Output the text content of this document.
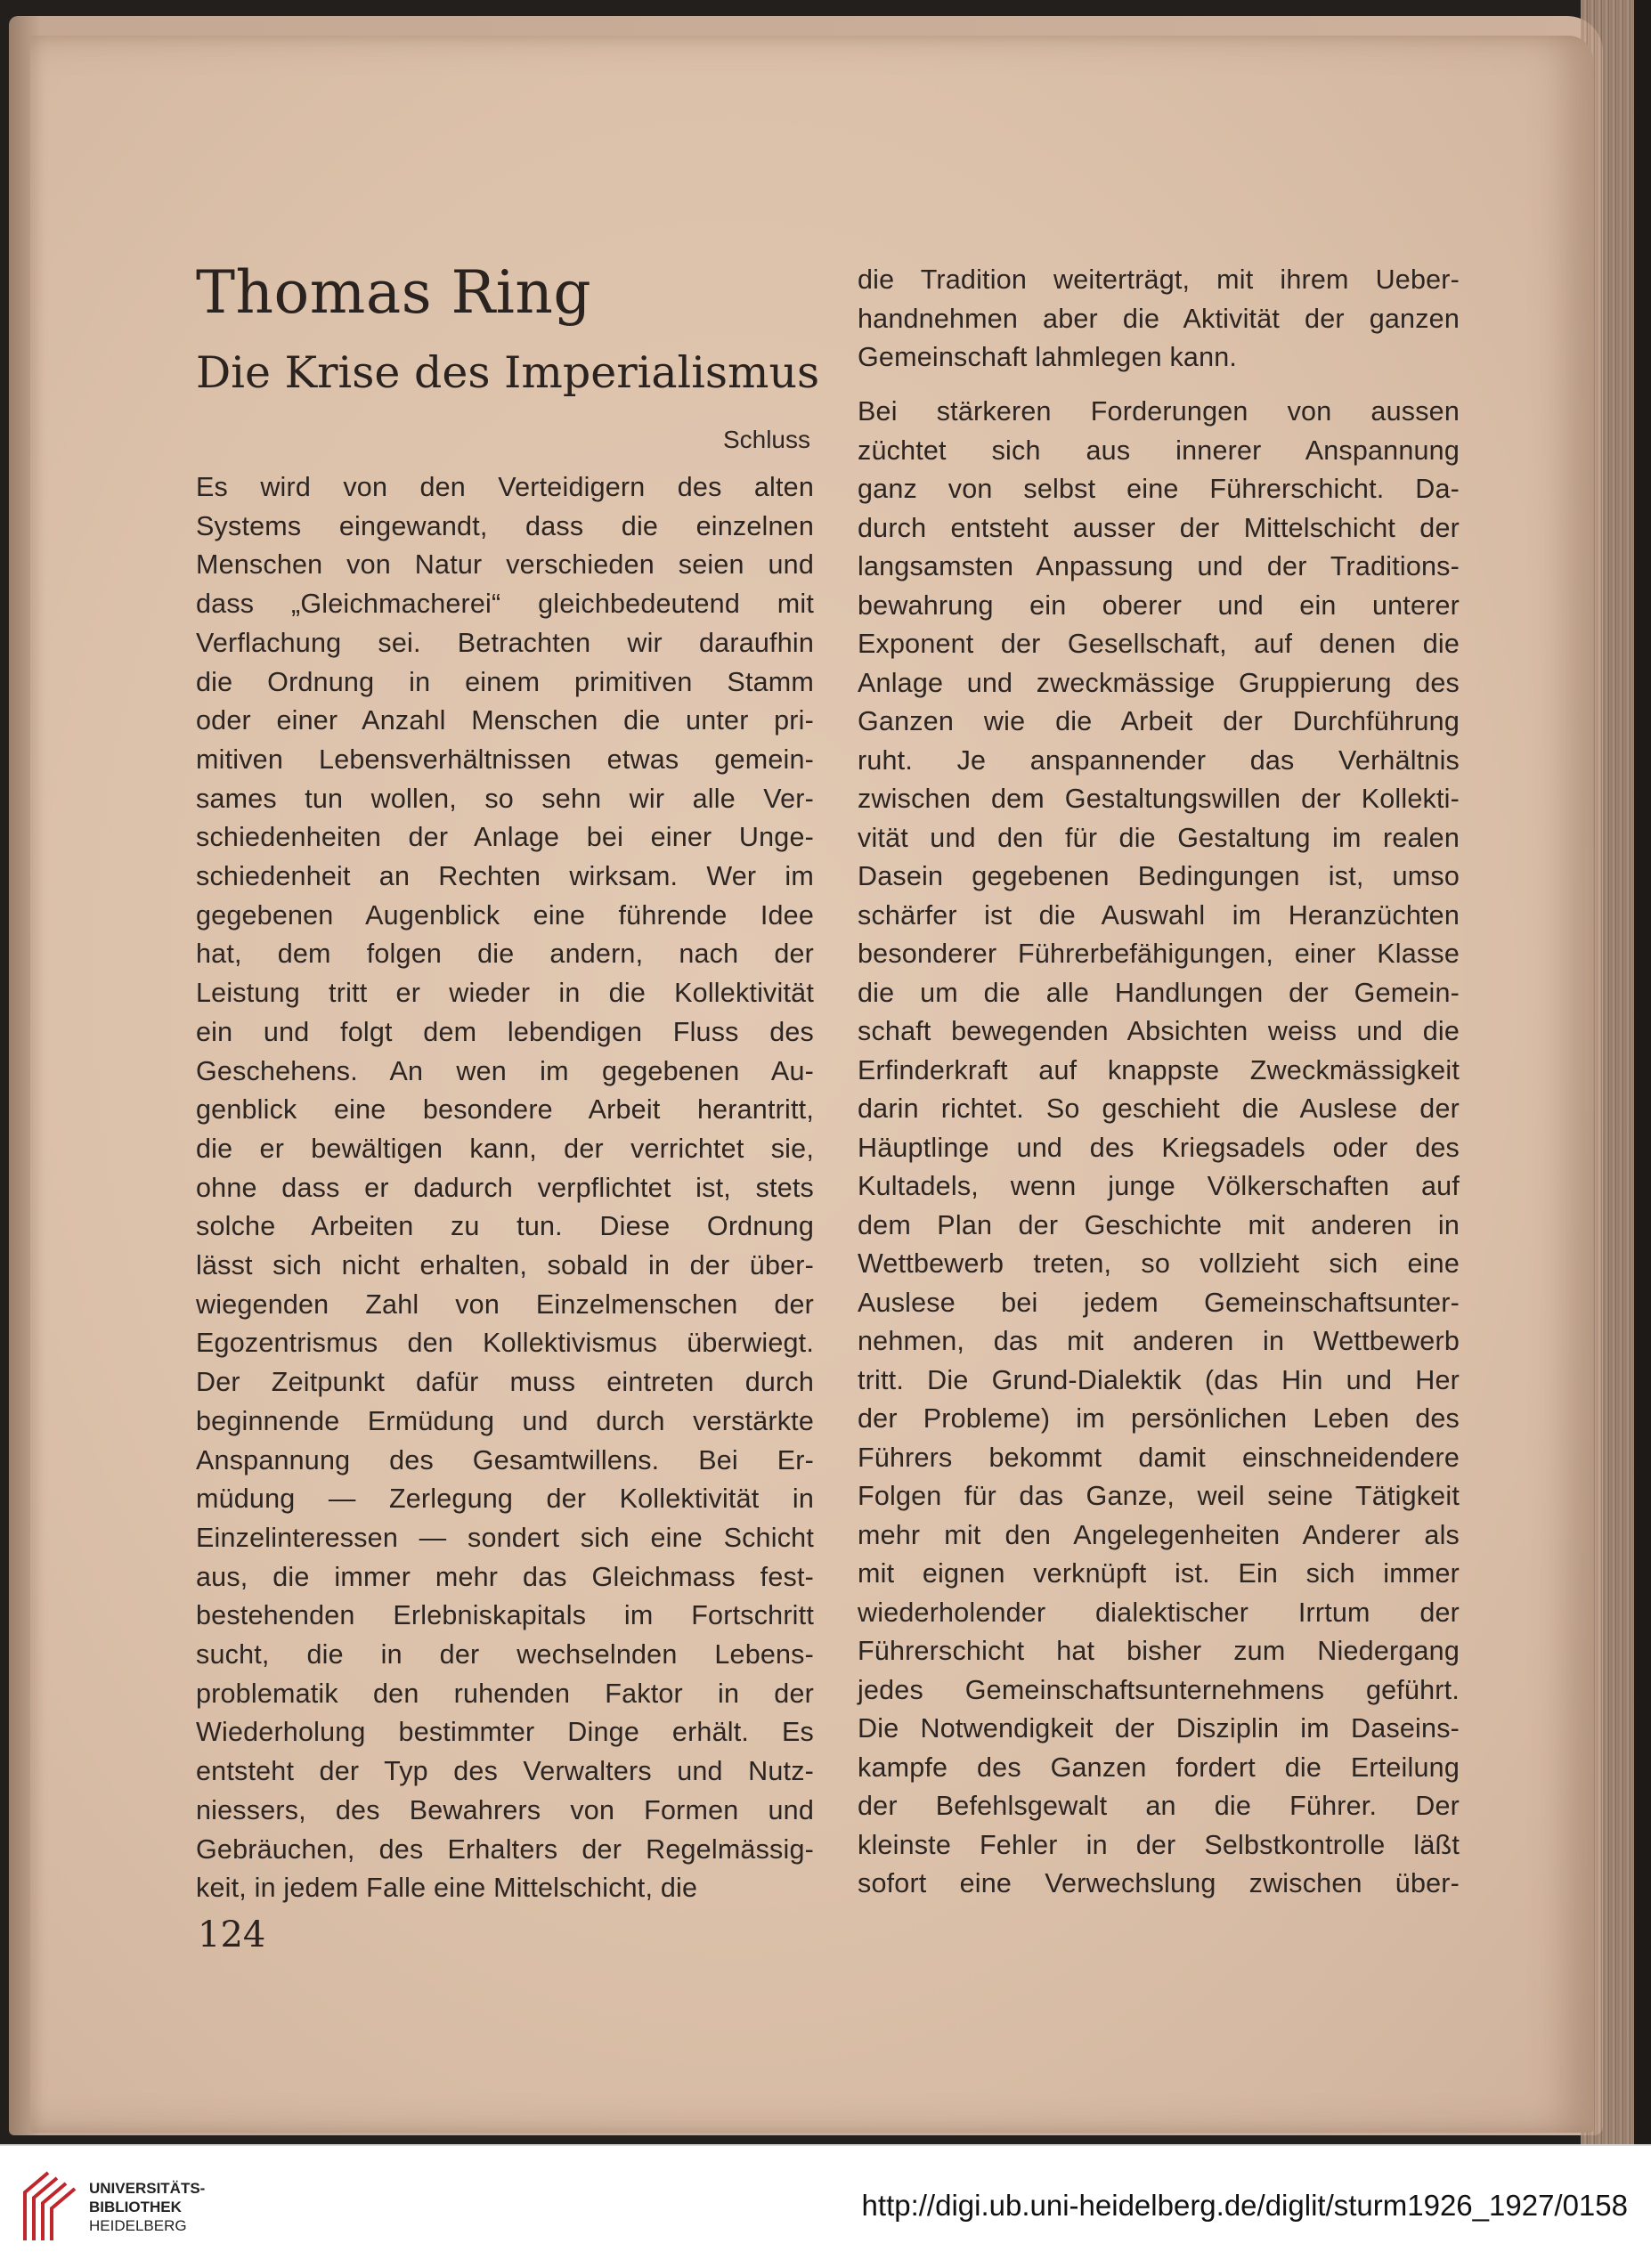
Thomas Ring
Die Krise des Imperialismus
Schluss
Es wird von den Verteidigern des alten
Systems eingewandt, dass die einzelnen
Menschen von Natur verschieden seien und
dass „Gleichmacherei“ gleichbedeutend mit
Verflachung sei. Betrachten wir daraufhin
die Ordnung in einem primitiven Stamm
oder einer Anzahl Menschen die unter pri-
mitiven Lebensverhältnissen etwas gemein-
sames tun wollen, so sehn wir alle Ver-
schiedenheiten der Anlage bei einer Unge-
schiedenheit an Rechten wirksam. Wer im
gegebenen Augenblick eine führende Idee
hat, dem folgen die andern, nach der
Leistung tritt er wieder in die Kollektivität
ein und folgt dem lebendigen Fluss des
Geschehens. An wen im gegebenen Au-
genblick eine besondere Arbeit herantritt,
die er bewältigen kann, der verrichtet sie,
ohne dass er dadurch verpflichtet ist, stets
solche Arbeiten zu tun. Diese Ordnung
lässt sich nicht erhalten, sobald in der über-
wiegenden Zahl von Einzelmenschen der
Egozentrismus den Kollektivismus überwiegt.
Der Zeitpunkt dafür muss eintreten durch
beginnende Ermüdung und durch verstärkte
Anspannung des Gesamtwillens. Bei Er-
müdung — Zerlegung der Kollektivität in
Einzelinteressen — sondert sich eine Schicht
aus, die immer mehr das Gleichmass fest-
bestehenden Erlebniskapitals im Fortschritt
sucht, die in der wechselnden Lebens-
problematik den ruhenden Faktor in der
Wiederholung bestimmter Dinge erhält. Es
entsteht der Typ des Verwalters und Nutz-
niessers, des Bewahrers von Formen und
Gebräuchen, des Erhalters der Regelmässig-
keit, in jedem Falle eine Mittelschicht, die
die Tradition weiterträgt, mit ihrem Ueber-
handnehmen aber die Aktivität der ganzen
Gemeinschaft lahmlegen kann.
Bei stärkeren Forderungen von aussen
züchtet sich aus innerer Anspannung
ganz von selbst eine Führerschicht. Da-
durch entsteht ausser der Mittelschicht der
langsamsten Anpassung und der Traditions-
bewahrung ein oberer und ein unterer
Exponent der Gesellschaft, auf denen die
Anlage und zweckmässige Gruppierung des
Ganzen wie die Arbeit der Durchführung
ruht. Je anspannender das Verhältnis
zwischen dem Gestaltungswillen der Kollekti-
vität und den für die Gestaltung im realen
Dasein gegebenen Bedingungen ist, umso
schärfer ist die Auswahl im Heranzüchten
besonderer Führerbefähigungen, einer Klasse
die um die alle Handlungen der Gemein-
schaft bewegenden Absichten weiss und die
Erfinderkraft auf knappste Zweckmässigkeit
darin richtet. So geschieht die Auslese der
Häuptlinge und des Kriegsadels oder des
Kultadels, wenn junge Völkerschaften auf
dem Plan der Geschichte mit anderen in
Wettbewerb treten, so vollzieht sich eine
Auslese bei jedem Gemeinschaftsunter-
nehmen, das mit anderen in Wettbewerb
tritt. Die Grund-Dialektik (das Hin und Her
der Probleme) im persönlichen Leben des
Führers bekommt damit einschneidendere
Folgen für das Ganze, weil seine Tätigkeit
mehr mit den Angelegenheiten Anderer als
mit eignen verknüpft ist. Ein sich immer
wiederholender dialektischer Irrtum der
Führerschicht hat bisher zum Niedergang
jedes Gemeinschaftsunternehmens geführt.
Die Notwendigkeit der Disziplin im Daseins-
kampfe des Ganzen fordert die Erteilung
der Befehlsgewalt an die Führer. Der
kleinste Fehler in der Selbstkontrolle läßt
sofort eine Verwechslung zwischen über-
124
UNIVERSITÄTS-
BIBLIOTHEK
HEIDELBERG
http://digi.ub.uni-heidelberg.de/diglit/sturm1926_1927/0158
